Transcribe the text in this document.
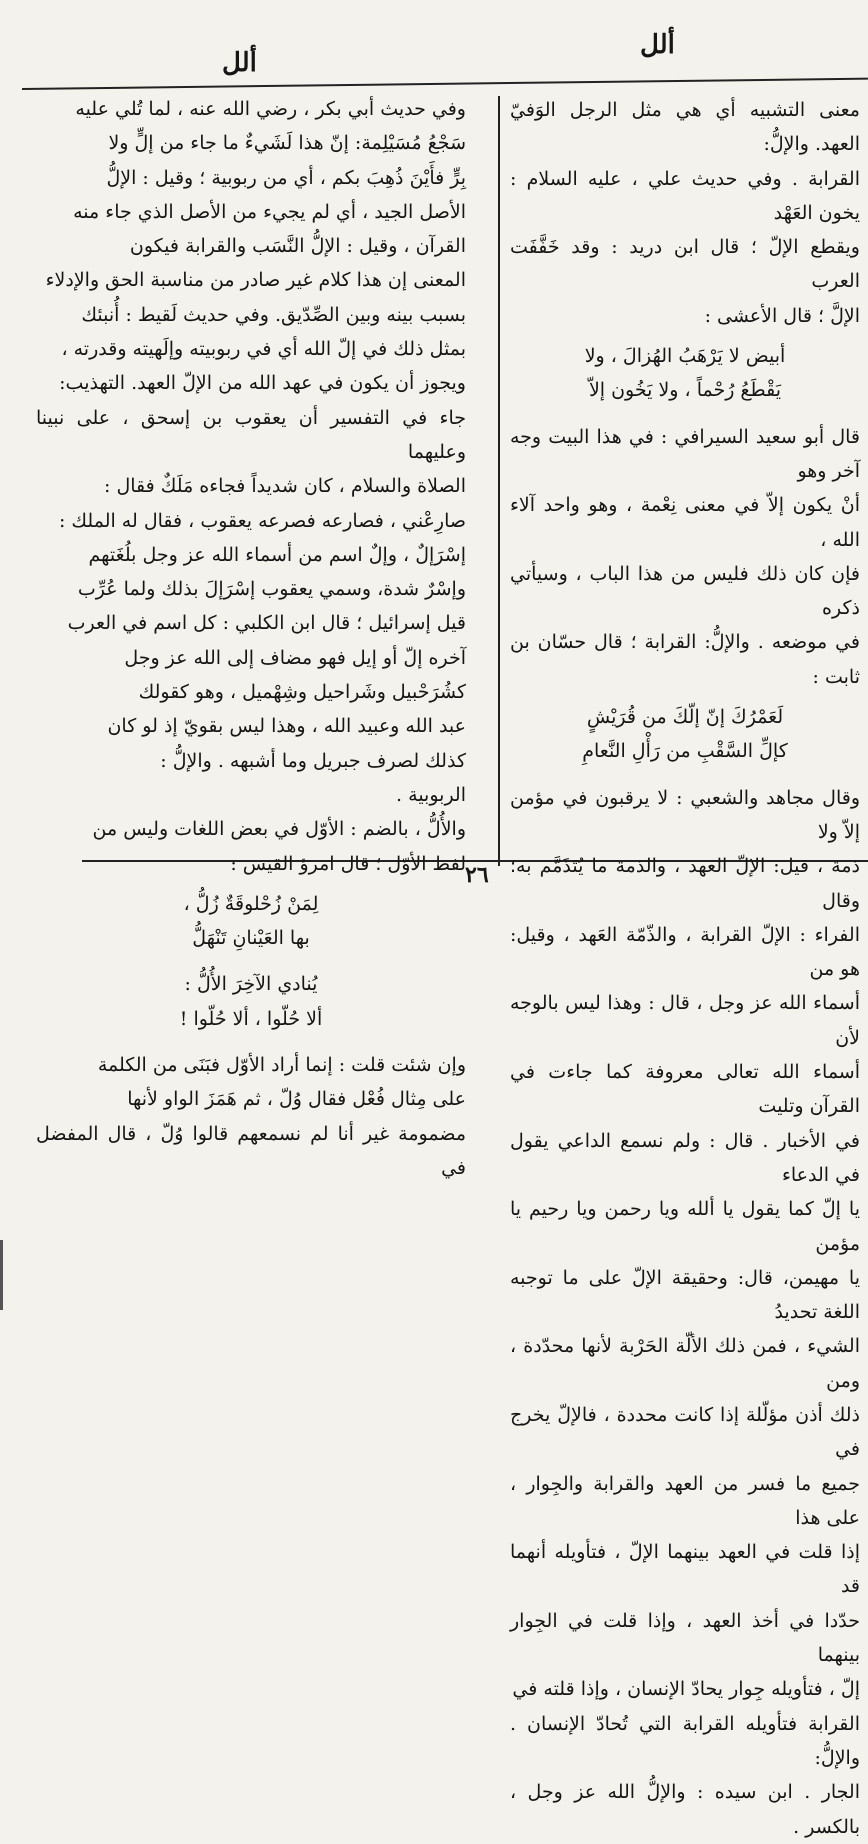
ألل
ألل

معنى التشبيه أي هي مثل الرجل الوَفيّ العهد. والإلُّ:
القرابة . وفي حديث علي ، عليه السلام : يخون العَهْد
ويقطع الإلّ ؛ قال ابن دريد : وقد خَفَّفَت العرب
الإلَّ ؛ قال الأعشى :

أبيض لا يَرْهَبُ الهُزالَ ، ولا

يَقْطَعُ رُحْماً ، ولا يَخُون إلاّ

قال أبو سعيد السيرافي : في هذا البيت وجه آخر وهو
أنْ يكون إلاّ في معنى نِعْمة ، وهو واحد آلاء الله ،
فإن كان ذلك فليس من هذا الباب ، وسيأتي ذكره
في موضعه . والإلُّ: القرابة ؛ قال حسّان بن ثابت :

لَعَمْرُكَ إنّ إلّكَ من قُرَيْشٍ

كإلِّ السَّقْبِ من رَأْلِ النَّعامِ

وقال مجاهد والشعبي : لا يرقبون في مؤمن إلاّ ولا
ذمة ، قيل: الإلّ العهد ، والذمة ما يُتَذَمَّم به؛ وقال
الفراء : الإلّ القرابة ، والذّمّة العَهد ، وقيل: هو من
أسماء الله عز وجل ، قال : وهذا ليس بالوجه لأن
أسماء الله تعالى معروفة كما جاءت في القرآن وتليت
في الأخبار . قال : ولم نسمع الداعي يقول في الدعاء
يا إلّ كما يقول يا ألله ويا رحمن ويا رحيم يا مؤمن
يا مهيمن، قال: وحقيقة الإلّ على ما توجبه اللغة تحديدُ
الشيء ، فمن ذلك الألّة الحَرْبة لأنها محدّدة ، ومن
ذلك أذن مؤلّلة إذا كانت محددة ، فالإلّ يخرج في
جميع ما فسر من العهد والقرابة والجِوار ، على هذا
إذا قلت في العهد بينهما الإلّ ، فتأويله أنهما قد
حدّدا في أخذ العهد ، وإذا قلت في الجِوار بينهما
إلّ ، فتأويله جِوار يحادّ الإنسان ، وإذا قلته في
القرابة فتأويله القرابة التي تُحادّ الإنسان . والإلُّ:
الجار . ابن سيده : والإلُّ الله عز وجل ، بالكسر .

وفي حديث أبي بكر ، رضي الله عنه ، لما تُلي عليه
سَجْعُ مُسَيْلِمة: إنّ هذا لَشَيءٌ ما جاء من إلٍّ ولا
بِرٍّ فأَيْنَ ذُهِبَ بكم ، أي من ربوبية ؛ وقيل : الإلُّ
الأصل الجيد ، أي لم يجيء من الأصل الذي جاء منه
القرآن ، وقيل : الإلُّ النَّسَب والقرابة فيكون
المعنى إن هذا كلام غير صادر من مناسبة الحق والإدلاء
بسبب بينه وبين الصِّدّيق. وفي حديث لَقيط : أُنبئك
بمثل ذلك في إلّ الله أي في ربوبيته وإلَهيته وقدرته ،
ويجوز أن يكون في عهد الله من الإلّ العهد. التهذيب:
جاء في التفسير أن يعقوب بن إسحق ، على نبينا وعليهما
الصلاة والسلام ، كان شديداً فجاءه مَلَكٌ فقال :
صارِعْني ، فصارعه فصرعه يعقوب ، فقال له الملك :
إسْرَإلٌ ، وإلٌ اسم من أسماء الله عز وجل بلُغَتهم
وإسْرٌ شدة، وسمي يعقوب إسْرَإلَ بذلك ولما عُرِّب
قيل إسرائيل ؛ قال ابن الكلبي : كل اسم في العرب
آخره إلّ أو إيل فهو مضاف إلى الله عز وجل
كشُرَحْبيل وشَراحيل وشِهْميل ، وهو كقولك
عبد الله وعبيد الله ، وهذا ليس بقويّ إذ لو كان
كذلك لصرف جبريل وما أشبهه . والإلُّ :
الربوبية .

والأُلُّ ، بالضم : الأوّل في بعض اللغات وليس من
لفظ الأوّل ؛ قال امرؤ القيس :

لِمَنْ زُحْلوقَةٌ زُلُّ ،

بها العَيْنانِ تَنْهَلُّ

يُنادي الآخِرَ الأُلُّ :

ألا حُلّوا ، ألا حُلّوا !

وإن شئت قلت : إنما أراد الأوّل فبَنَى من الكلمة
على مِثال فُعْل فقال وُلّ ، ثم هَمَزَ الواو لأنها
مضمومة غير أنا لم نسمعهم قالوا وُلّ ، قال المفضل في

٢٦
